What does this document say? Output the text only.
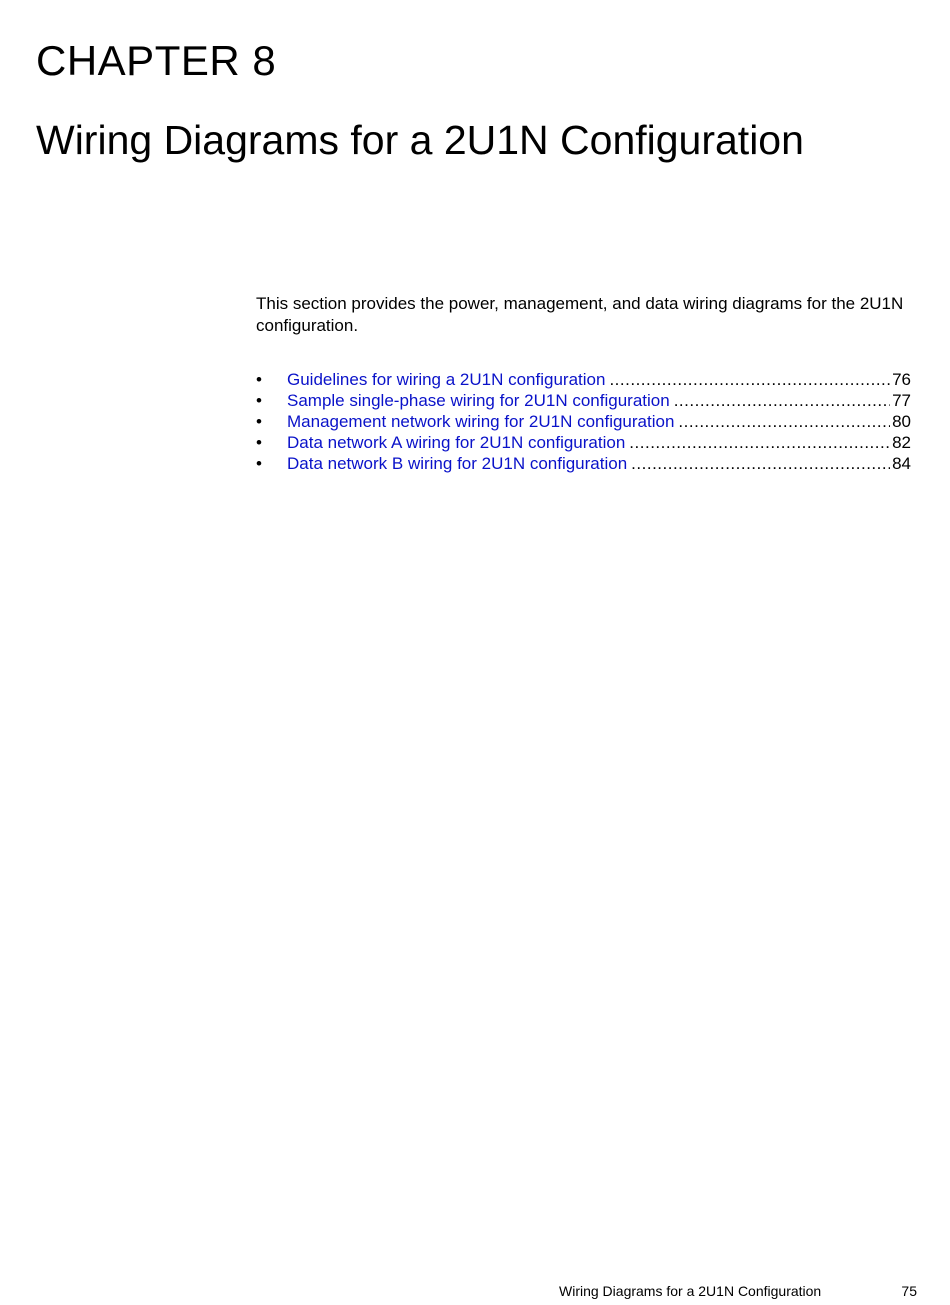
CHAPTER 8
Wiring Diagrams for a 2U1N Configuration

This section provides the power, management, and data wiring diagrams for the 2U1N configuration.

•	Guidelines for wiring a 2U1N configuration .....	76
•	Sample single-phase wiring for 2U1N configuration .....	77
•	Management network wiring for 2U1N configuration .....	80
•	Data network A wiring for 2U1N configuration .....	82
•	Data network B wiring for 2U1N configuration .....	84

Wiring Diagrams for a 2U1N Configuration	75
